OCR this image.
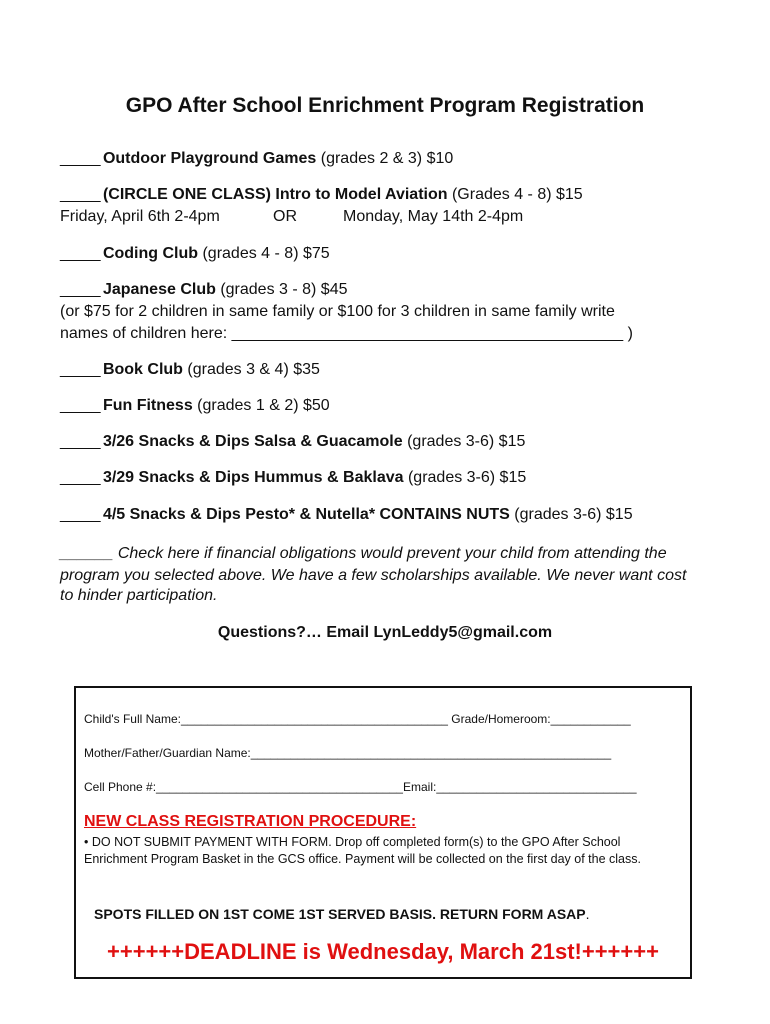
GPO After School Enrichment Program Registration
_____ Outdoor Playground Games (grades 2 & 3) $10
_____ (CIRCLE ONE CLASS) Intro to Model Aviation (Grades 4 - 8) $15
Friday, April 6th 2-4pm	OR	Monday, May 14th 2-4pm
_____ Coding Club (grades 4 - 8) $75
_____ Japanese Club (grades 3 - 8) $45
(or $75 for 2 children in same family or $100 for 3 children in same family write
names of children here: ____________________________________________ )
_____ Book Club (grades 3 & 4) $35
_____ Fun Fitness (grades 1 & 2) $50
_____ 3/26 Snacks & Dips Salsa & Guacamole (grades 3-6) $15
_____ 3/29 Snacks & Dips Hummus & Baklava (grades 3-6) $15
_____ 4/5 Snacks & Dips Pesto* & Nutella* CONTAINS NUTS (grades 3-6) $15
______ Check here if financial obligations would prevent your child from attending the
program you selected above. We have a few scholarships available. We never want cost
to hinder participation.
Questions?… Email LynLeddy5@gmail.com
Child's Full Name:________________________________________ Grade/Homeroom:____________
Mother/Father/Guardian Name:______________________________________________________
Cell Phone #:_____________________________________Email:______________________________
NEW CLASS REGISTRATION PROCEDURE:
• DO NOT SUBMIT PAYMENT WITH FORM. Drop off completed form(s) to the GPO After School Enrichment Program Basket in the GCS office. Payment will be collected on the first day of the class.
SPOTS FILLED ON 1ST COME 1ST SERVED BASIS. RETURN FORM ASAP.
++++++DEADLINE is Wednesday, March 21st!++++++
